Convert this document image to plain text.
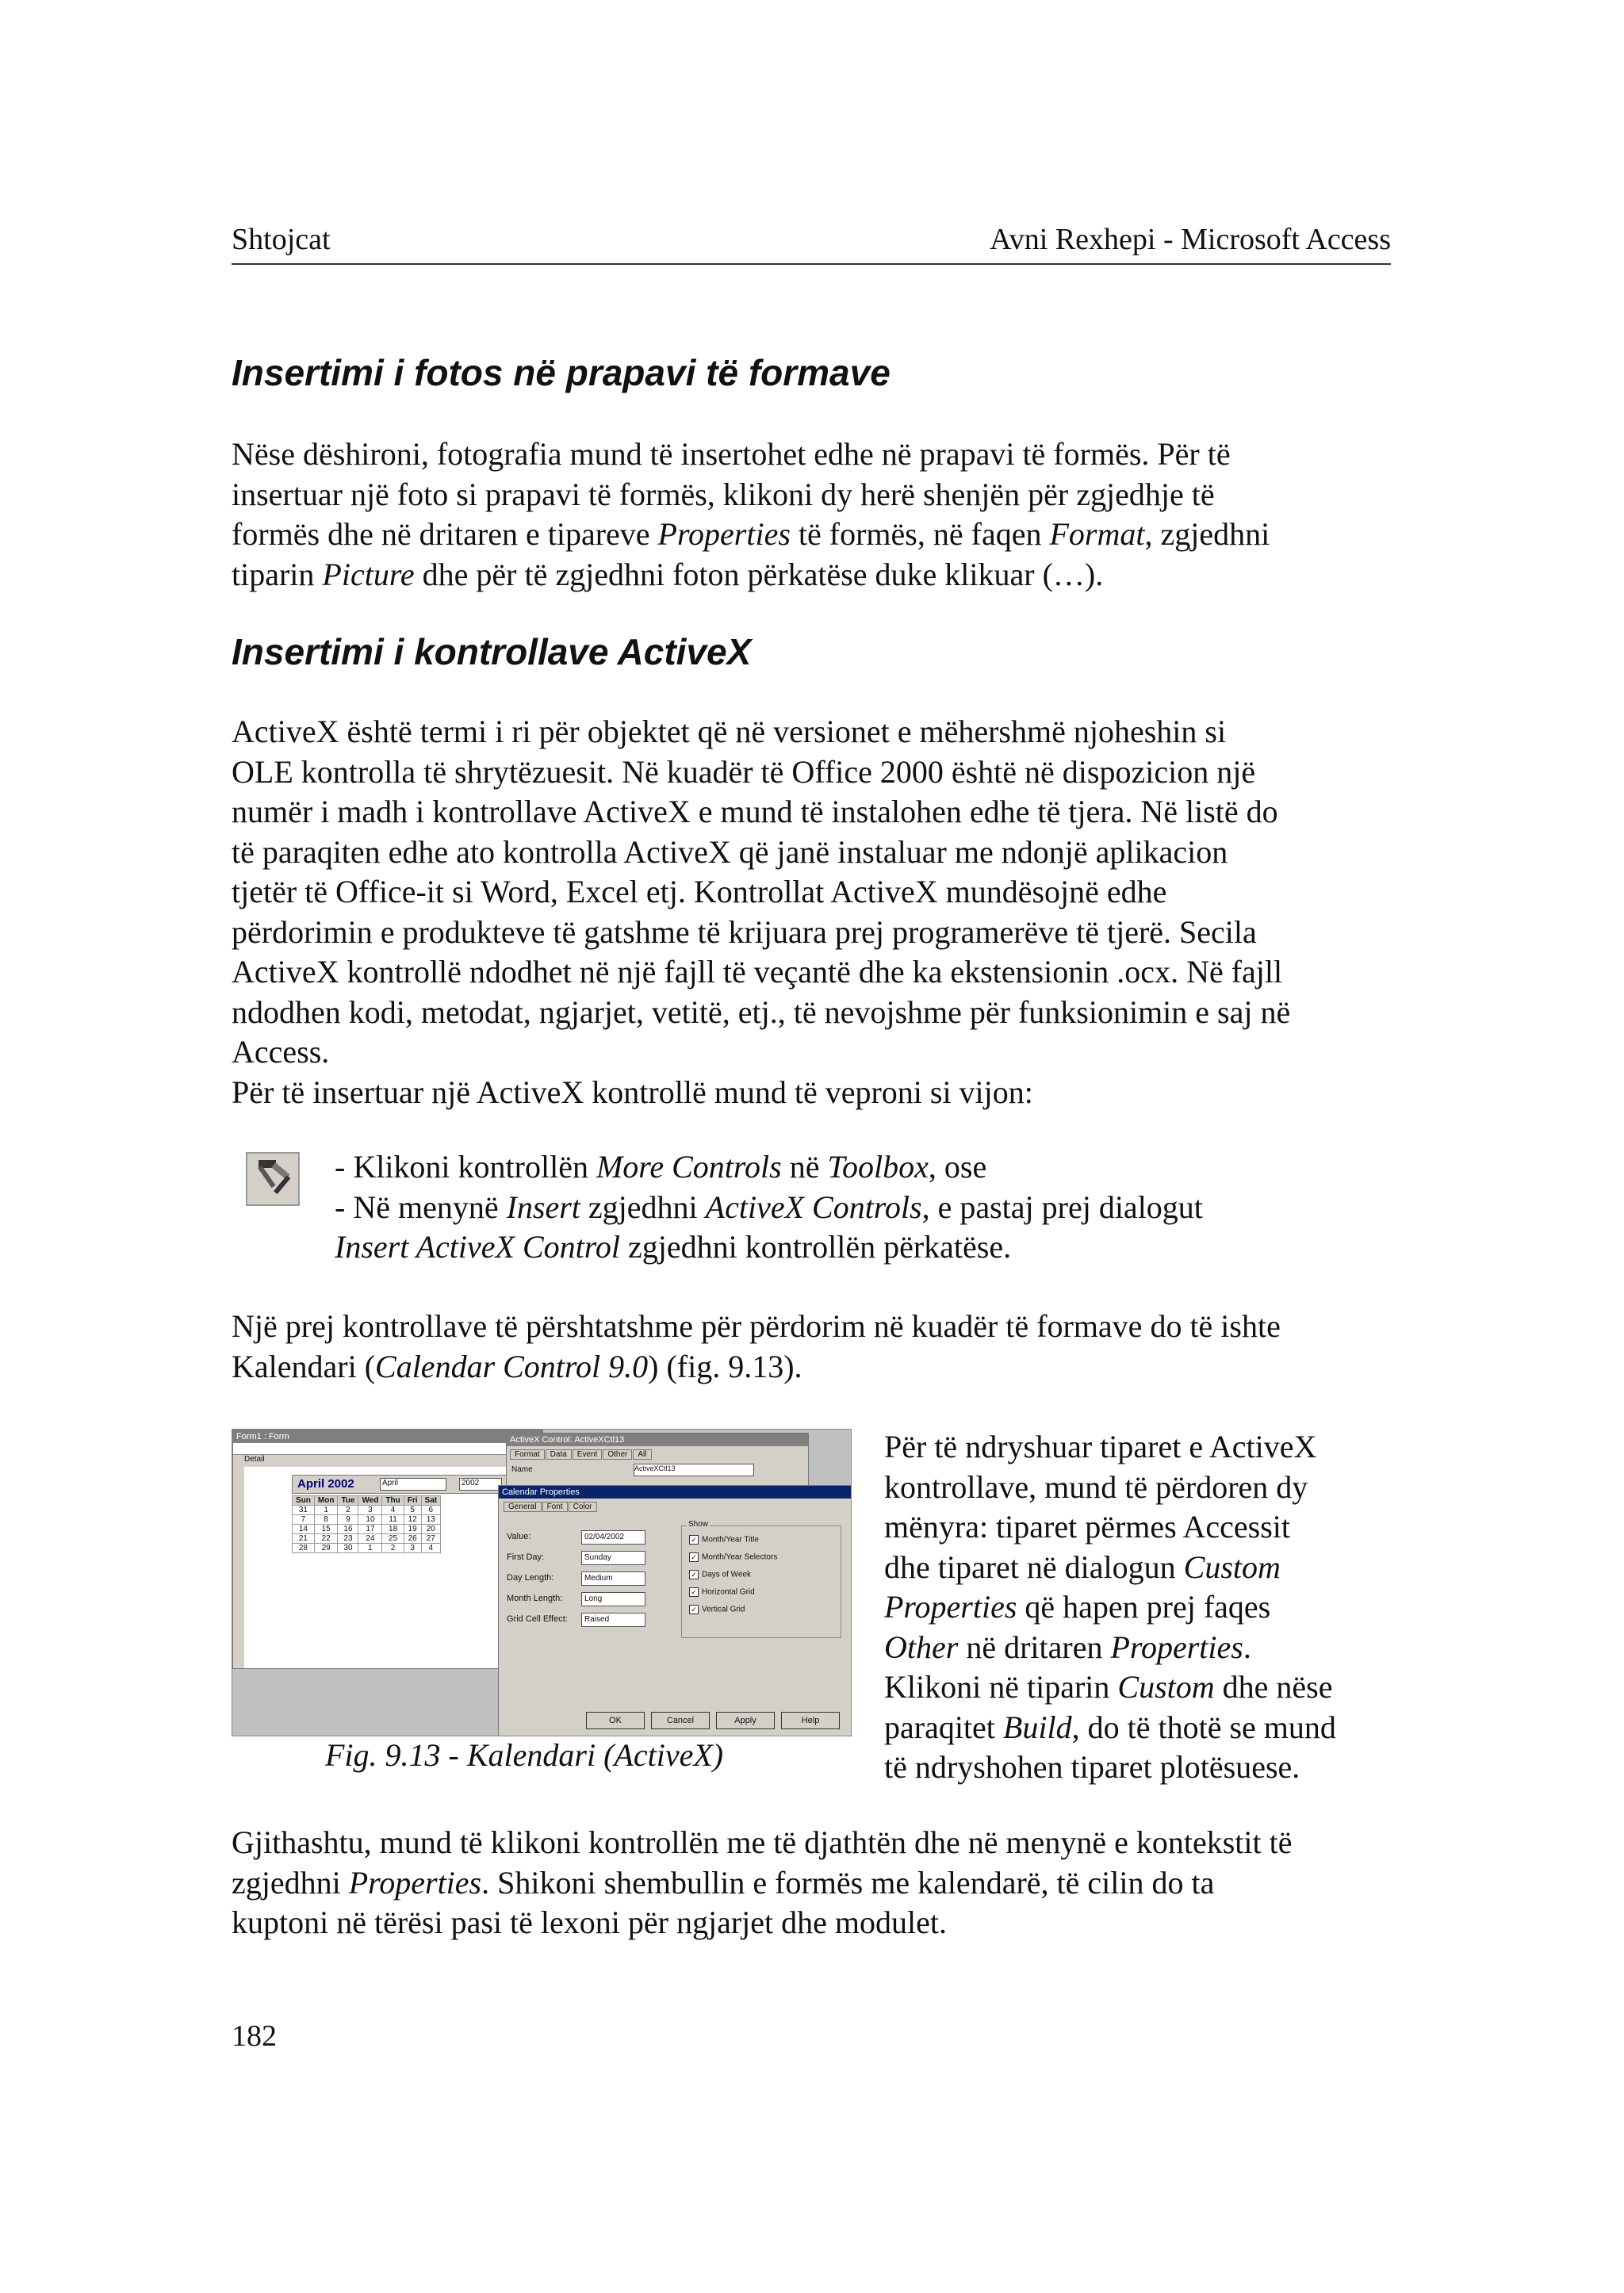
Shtojcat	Avni Rexhepi - Microsoft Access
Insertimi i fotos në prapavi të formave
Nëse dëshironi, fotografia mund të insertohet edhe në prapavi të formës. Për të
insertuar një foto si prapavi të formës, klikoni dy herë shenjën për zgjedhje të
formës dhe në dritaren e tipareve Properties të formës, në faqen Format, zgjedhni
tiparin Picture dhe për të zgjedhni foton përkatëse duke klikuar (…).
Insertimi i kontrollave ActiveX
ActiveX është termi i ri për objektet që në versionet e mëhershmë njoheshin si
OLE kontrolla të shrytëzuesit. Në kuadër të Office 2000 është në dispozicion një
numër i madh i kontrollave ActiveX e mund të instalohen edhe të tjera. Në listë do
të paraqiten edhe ato kontrolla ActiveX që janë instaluar me ndonjë aplikacion
tjetër të Office-it si Word, Excel etj. Kontrollat ActiveX mundësojnë edhe
përdorimin e produkteve të gatshme të krijuara prej programerëve të tjerë. Secila
ActiveX kontrollë ndodhet në një fajll të veçantë dhe ka ekstensionin .ocx. Në fajll
ndodhen kodi, metodat, ngjarjet, vetitë, etj., të nevojshme për funksionimin e saj në
Access.
Për të insertuar një ActiveX kontrollë mund të veproni si vijon:
- Klikoni kontrollën More Controls në Toolbox, ose
- Në menynë Insert zgjedhni ActiveX Controls, e pastaj prej dialogut
Insert ActiveX Control zgjedhni kontrollën përkatëse.
Një prej kontrollave të përshtatshme për përdorim në kuadër të formave do të ishte
Kalendari (Calendar Control 9.0) (fig. 9.13).
Form1 : Form
Detail
April 2002	April	2002
Sun	Mon	Tue	Wed	Thu	Fri	Sat
31	1	2	3	4	5	6
7	8	9	10	11	12	13
14	15	16	17	18	19	20
21	22	23	24	25	26	27
28	29	30	1	2	3	4
ActiveX Control: ActiveXCtl13
Format Data Event Other All
Name	ActiveXCtl13
Calendar Properties
General Font Color
Value:	02/04/2002
First Day:	Sunday
Day Length:	Medium
Month Length:	Long
Grid Cell Effect:	Raised
Show
✓ Month/Year Title
✓ Month/Year Selectors
✓ Days of Week
✓ Horizontal Grid
✓ Vertical Grid
OK	Cancel	Apply	Help
Fig. 9.13 - Kalendari (ActiveX)
Për të ndryshuar tiparet e ActiveX
kontrollave, mund të përdoren dy
mënyra: tiparet përmes Accessit
dhe tiparet në dialogun Custom
Properties që hapen prej faqes
Other në dritaren Properties.
Klikoni në tiparin Custom dhe nëse
paraqitet Build, do të thotë se mund
të ndryshohen tiparet plotësuese.
Gjithashtu, mund të klikoni kontrollën me të djathtën dhe në menynë e kontekstit të
zgjedhni Properties. Shikoni shembullin e formës me kalendarë, të cilin do ta
kuptoni në tërësi pasi të lexoni për ngjarjet dhe modulet.
182
